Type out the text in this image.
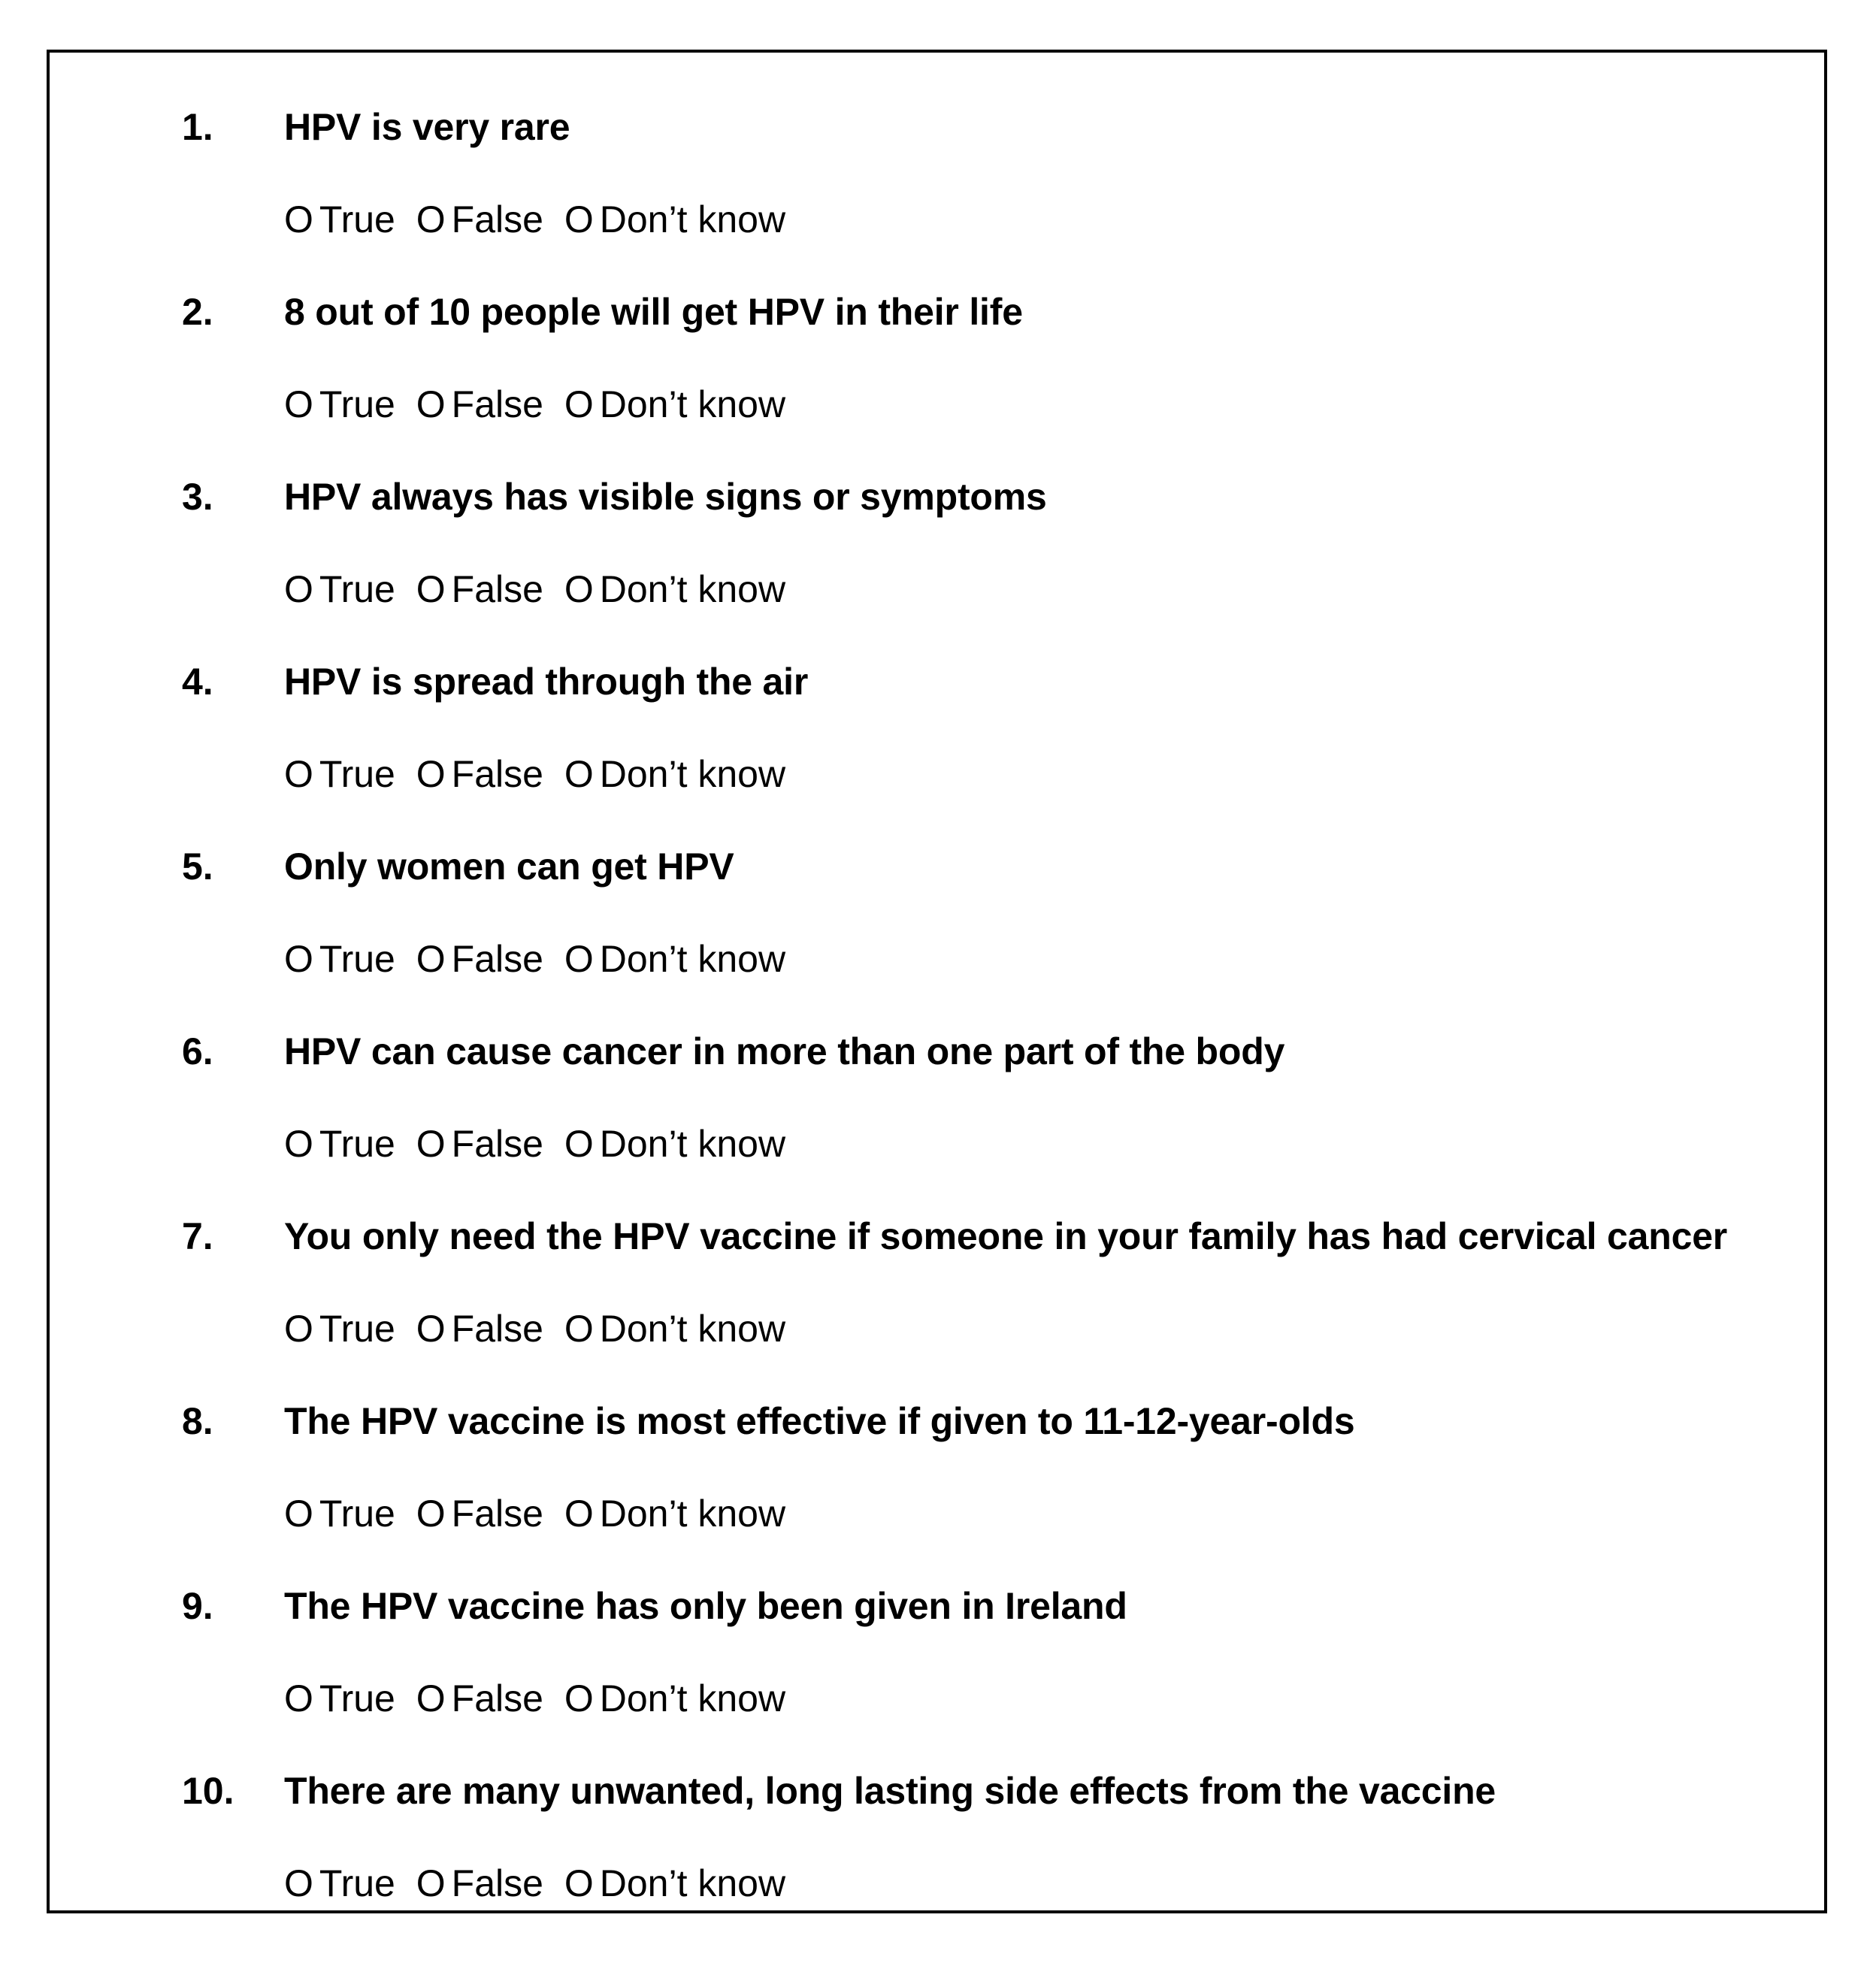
1. HPV is very rare
O True O False O Don’t know
2. 8 out of 10 people will get HPV in their life
O True O False O Don’t know
3. HPV always has visible signs or symptoms
O True O False O Don’t know
4. HPV is spread through the air
O True O False O Don’t know
5. Only women can get HPV
O True O False O Don’t know
6. HPV can cause cancer in more than one part of the body
O True O False O Don’t know
7. You only need the HPV vaccine if someone in your family has had cervical cancer
O True O False O Don’t know
8. The HPV vaccine is most effective if given to 11-12-year-olds
O True O False O Don’t know
9. The HPV vaccine has only been given in Ireland
O True O False O Don’t know
10. There are many unwanted, long lasting side effects from the vaccine
O True O False O Don’t know
